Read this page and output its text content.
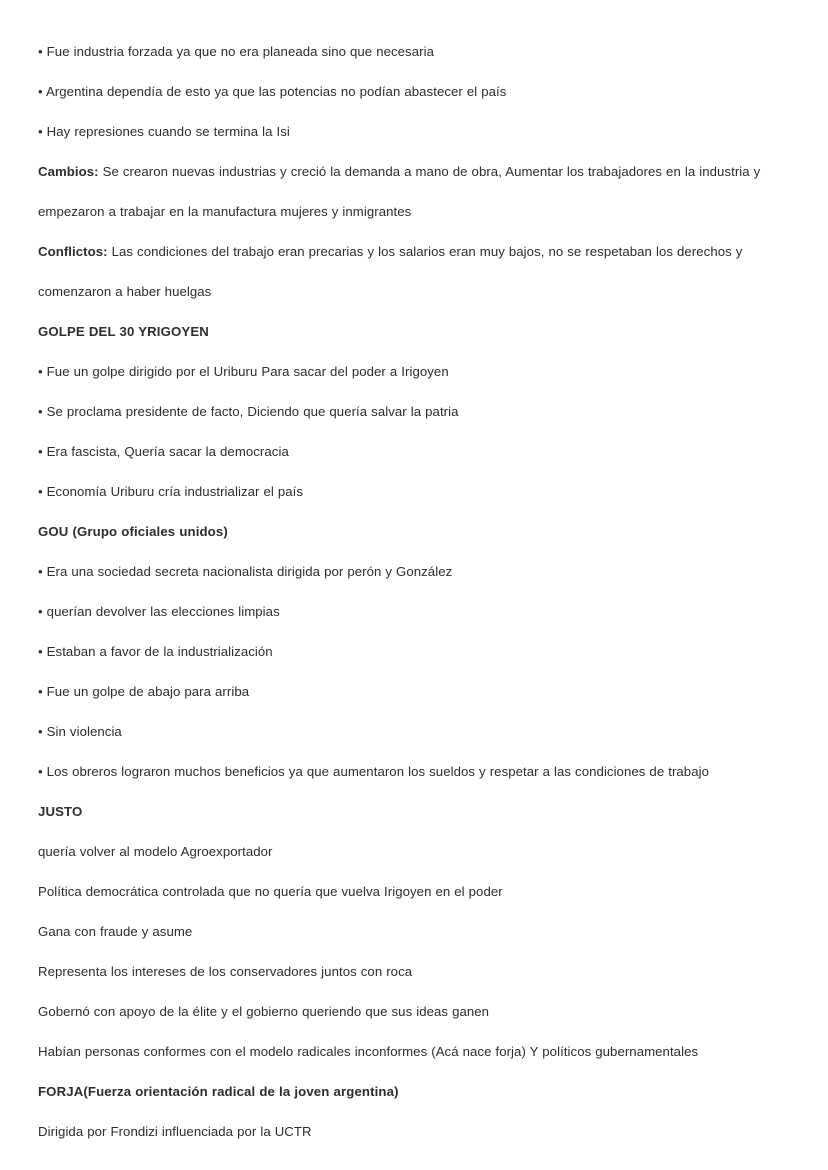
• Fue industria forzada ya que no era planeada sino que necesaria

• Argentina dependía de esto ya que las potencias no podían abastecer el país

• Hay represiones cuando se termina la Isi

Cambios: Se crearon nuevas industrias y creció la demanda a mano de obra, Aumentar los trabajadores en la industria y empezaron a trabajar en la manufactura mujeres y inmigrantes

Conflictos: Las condiciones del trabajo eran precarias y los salarios eran muy bajos, no se respetaban los derechos y comenzaron a haber huelgas

GOLPE DEL 30 YRIGOYEN

• Fue un golpe dirigido por el Uriburu Para sacar del poder a Irigoyen

• Se proclama presidente de facto, Diciendo que quería salvar la patria

• Era fascista, Quería sacar la democracia

• Economía Uriburu cría industrializar el país

GOU (Grupo oficiales unidos)

• Era una sociedad secreta nacionalista dirigida por perón y González

• querían devolver las elecciones limpias

• Estaban a favor de la industrialización

• Fue un golpe de abajo para arriba

• Sin violencia

• Los obreros lograron muchos beneficios ya que aumentaron los sueldos y respetar a las condiciones de trabajo

JUSTO

quería volver al modelo Agroexportador

Política democrática controlada que no quería que vuelva Irigoyen en el poder

Gana con fraude y asume

Representa los intereses de los conservadores juntos con roca

Gobernó con apoyo de la élite y el gobierno queriendo que sus ideas ganen

Habían personas conformes con el modelo radicales inconformes (Acá nace forja) Y políticos gubernamentales

FORJA(Fuerza orientación radical de la joven argentina)

Dirigida por Frondizi influenciada por la UCTR
